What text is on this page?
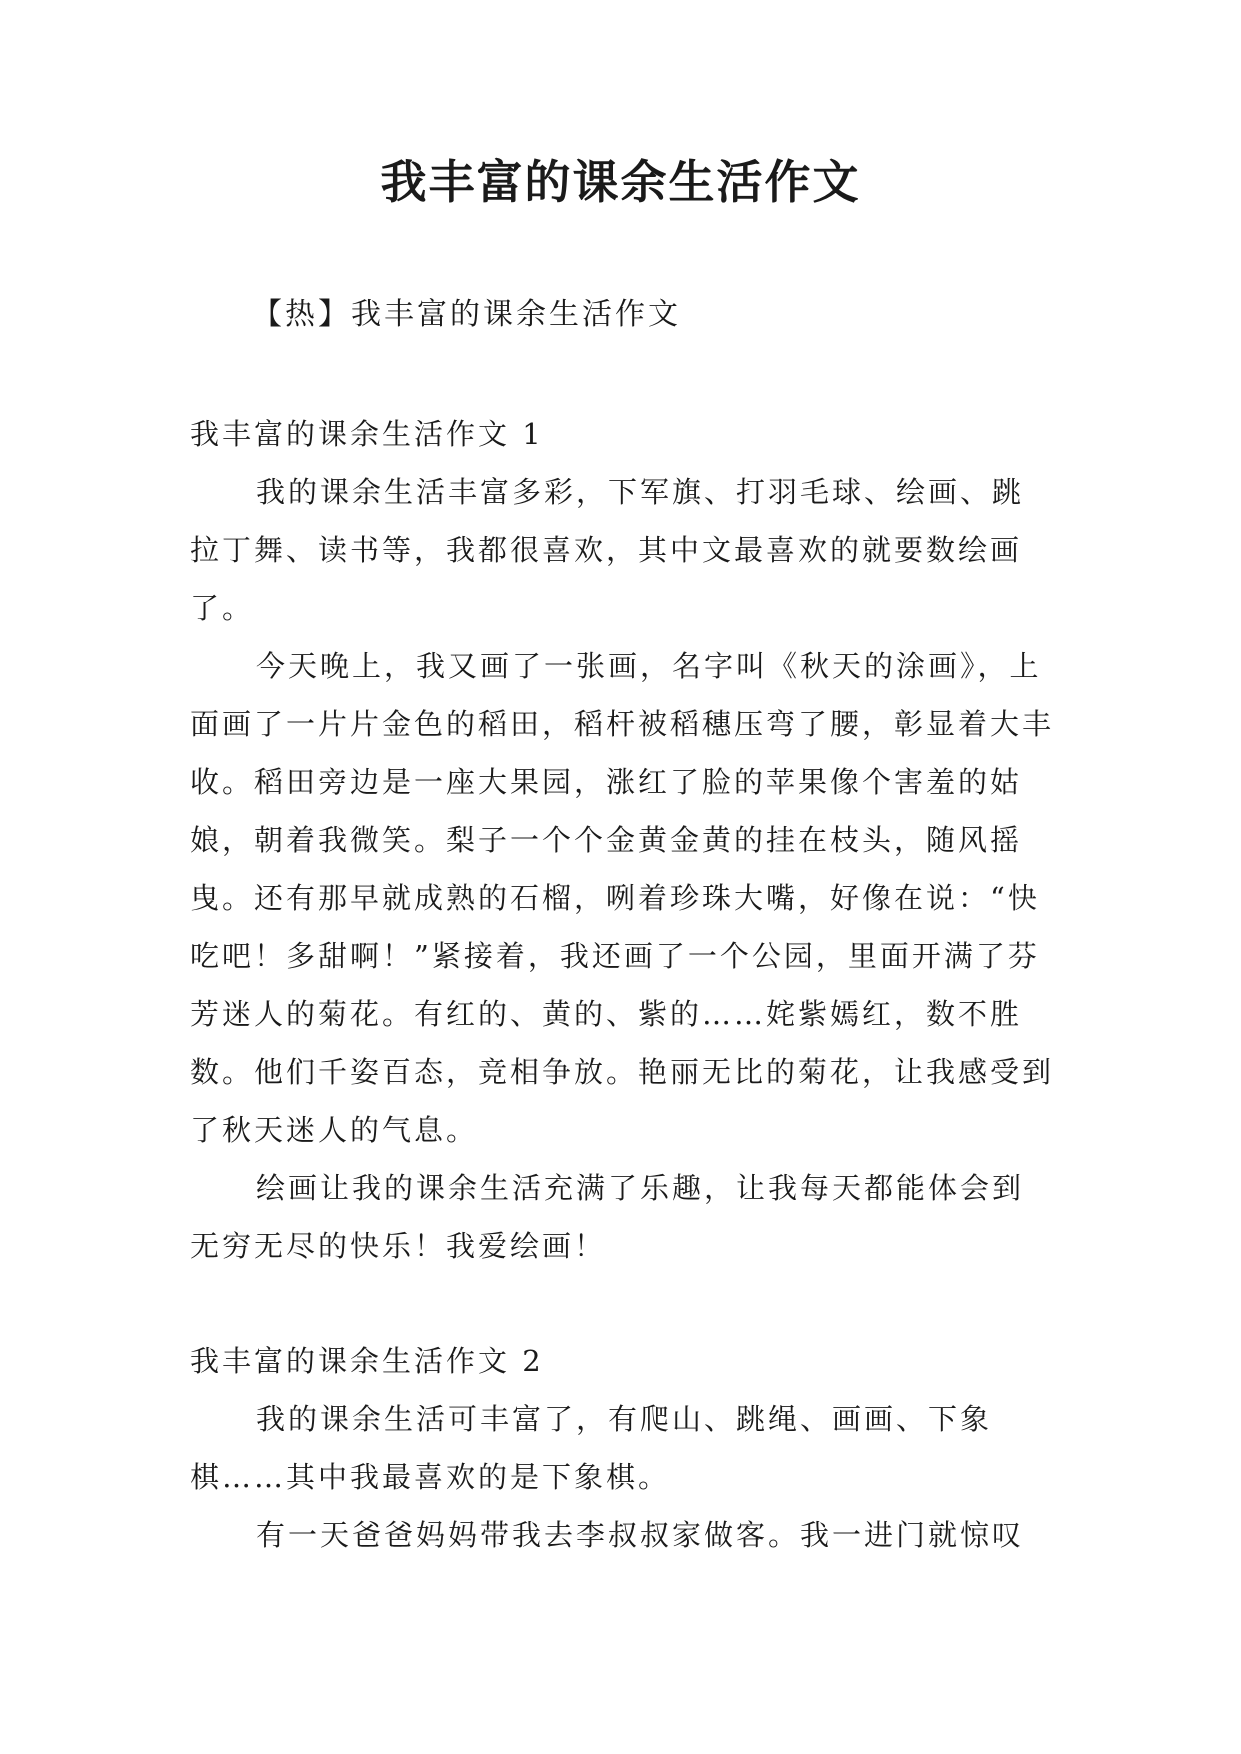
我丰富的课余生活作文

【热】我丰富的课余生活作文

我丰富的课余生活作文 1

我的课余生活丰富多彩，下军旗、打羽毛球、绘画、跳拉丁舞、读书等，我都很喜欢，其中文最喜欢的就要数绘画了。

今天晚上，我又画了一张画，名字叫《秋天的涂画》，上面画了一片片金色的稻田，稻杆被稻穗压弯了腰，彰显着大丰收。稻田旁边是一座大果园，涨红了脸的苹果像个害羞的姑娘，朝着我微笑。梨子一个个金黄金黄的挂在枝头，随风摇曳。还有那早就成熟的石榴，咧着珍珠大嘴，好像在说：“快吃吧！多甜啊！”紧接着，我还画了一个公园，里面开满了芬芳迷人的菊花。有红的、黄的、紫的……姹紫嫣红，数不胜数。他们千姿百态，竞相争放。艳丽无比的菊花，让我感受到了秋天迷人的气息。

绘画让我的课余生活充满了乐趣，让我每天都能体会到无穷无尽的快乐！我爱绘画！

我丰富的课余生活作文 2

我的课余生活可丰富了，有爬山、跳绳、画画、下象棋……其中我最喜欢的是下象棋。

有一天爸爸妈妈带我去李叔叔家做客。我一进门就惊叹
